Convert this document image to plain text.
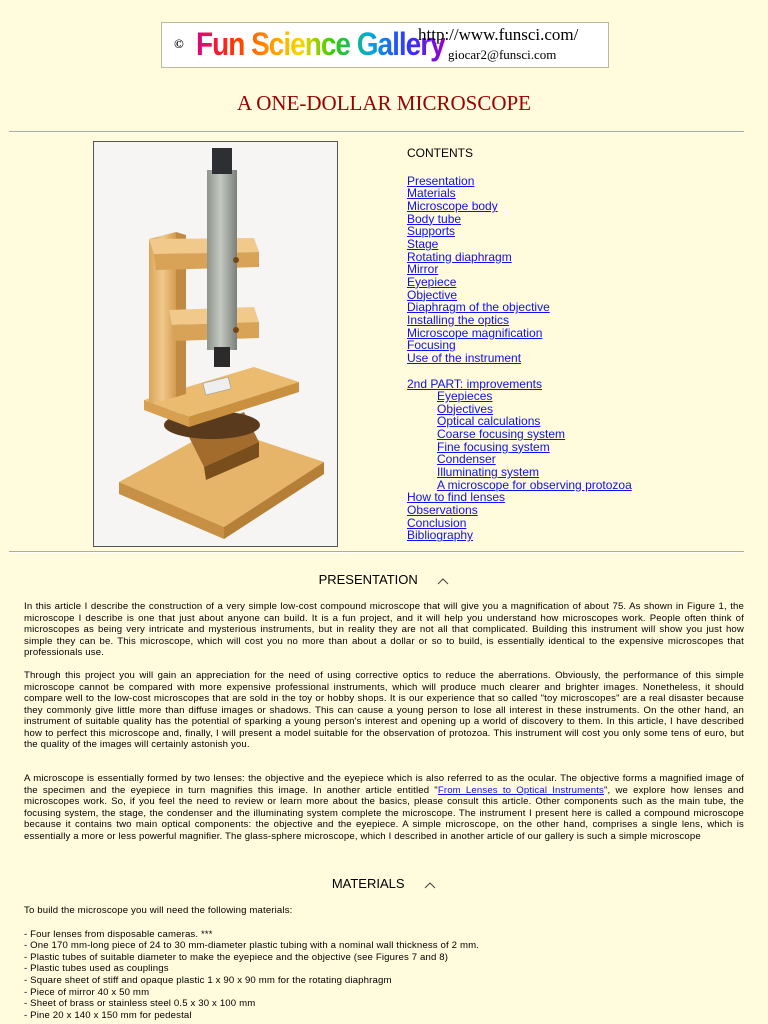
© Fun Science Gallery
http://www.funsci.com/
giocar2@funsci.com
A ONE-DOLLAR MICROSCOPE
CONTENTS
Presentation
Materials
Microscope body
Body tube
Supports
Stage
Rotating diaphragm
Mirror
Eyepiece
Objective
Diaphragm of the objective
Installing the optics
Microscope magnification
Focusing
Use of the instrument
2nd PART: improvements
Eyepieces
Objectives
Optical calculations
Coarse focusing system
Fine focusing system
Condenser
Illuminating system
A microscope for observing protozoa
How to find lenses
Observations
Conclusion
Bibliography
PRESENTATION
In this article I describe the construction of a very simple low-cost compound microscope that will give you a magnification of about 75. As shown in Figure 1, the microscope I describe is one that just about anyone can build. It is a fun project, and it will help you understand how microscopes work. People often think of microscopes as being very intricate and mysterious instruments, but in reality they are not all that complicated. Building this instrument will show you just how simple they can be. This microscope, which will cost you no more than about a dollar or so to build, is essentially identical to the expensive microscopes that professionals use.
Through this project you will gain an appreciation for the need of using corrective optics to reduce the aberrations. Obviously, the performance of this simple microscope cannot be compared with more expensive professional instruments, which will produce much clearer and brighter images. Nonetheless, it should compare well to the low-cost microscopes that are sold in the toy or hobby shops. It is our experience that so called "toy microscopes" are a real disaster because they commonly give little more than diffuse images or shadows. This can cause a young person to lose all interest in these instruments. On the other hand, an instrument of suitable quality has the potential of sparking a young person's interest and opening up a world of discovery to them. In this article, I have described how to perfect this microscope and, finally, I will present a model suitable for the observation of protozoa. This instrument will cost you only some tens of euro, but the quality of the images will certainly astonish you.
A microscope is essentially formed by two lenses: the objective and the eyepiece which is also referred to as the ocular. The objective forms a magnified image of the specimen and the eyepiece in turn magnifies this image. In another article entitled "From Lenses to Optical Instruments", we explore how lenses and microscopes work. So, if you feel the need to review or learn more about the basics, please consult this article. Other components such as the main tube, the focusing system, the stage, the condenser and the illuminating system complete the microscope. The instrument I present here is called a compound microscope because it contains two main optical components: the objective and the eyepiece. A simple microscope, on the other hand, comprises a single lens, which is essentially a more or less powerful magnifier. The glass-sphere microscope, which I described in another article of our gallery is such a simple microscope
MATERIALS
To build the microscope you will need the following materials:
- Four lenses from disposable cameras. ***
- One 170 mm-long piece of 24 to 30 mm-diameter plastic tubing with a nominal wall thickness of 2 mm.
- Plastic tubes of suitable diameter to make the eyepiece and the objective (see Figures 7 and 8)
- Plastic tubes used as couplings
- Square sheet of stiff and opaque plastic 1 x 90 x 90 mm for the rotating diaphragm
- Piece of mirror 40 x 50 mm
- Sheet of brass or stainless steel 0.5 x 30 x 100 mm
- Pine 20 x 140 x 150 mm for pedestal
